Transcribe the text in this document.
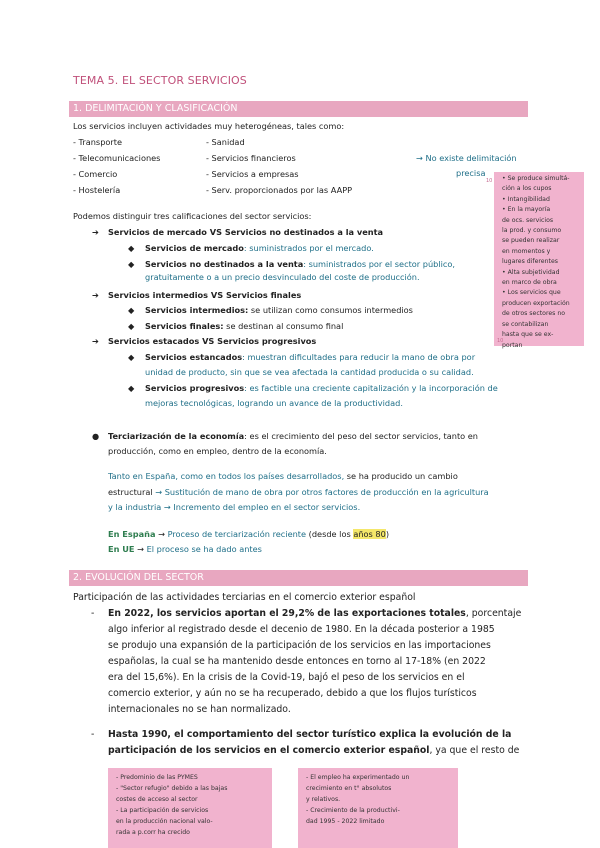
TEMA 5. EL SECTOR SERVICIOS
1. DELIMITACIÓN Y CLASIFICACIÓN
Los servicios incluyen actividades muy heterogéneas, tales como:
- Transporte
- Telecomunicaciones
- Comercio
- Hostelería
- Sanidad
- Servicios financieros
- Servicios a empresas
- Serv. proporcionados por las AAPP
→ No existe delimitación
precisa
Podemos distinguir tres calificaciones del sector servicios:
➔ Servicios de mercado VS Servicios no destinados a la venta
◆ Servicios de mercado: suministrados por el mercado.
◆ Servicios no destinados a la venta: suministrados por el sector público,
gratuitamente o a un precio desvinculado del coste de producción.
➔ Servicios intermedios VS Servicios finales
◆ Servicios intermedios: se utilizan como consumos intermedios
◆ Servicios finales: se destinan al consumo final
➔ Servicios estacados VS Servicios progresivos
◆ Servicios estancados: muestran dificultades para reducir la mano de obra por
unidad de producto, sin que se vea afectada la cantidad producida o su calidad.
◆ Servicios progresivos: es factible una creciente capitalización y la incorporación de
mejoras tecnológicas, logrando un avance de la productividad.
● Terciarización de la economía: es el crecimiento del peso del sector servicios, tanto en
producción, como en empleo, dentro de la economía.
Tanto en España, como en todos los países desarrollados, se ha producido un cambio
estructural → Sustitución de mano de obra por otros factores de producción en la agricultura
y la industria → Incremento del empleo en el sector servicios.
En España → Proceso de terciarización reciente (desde los años 80)
En UE → El proceso se ha dado antes
2. EVOLUCIÓN DEL SECTOR
Participación de las actividades terciarias en el comercio exterior español
- En 2022, los servicios aportan el 29,2% de las exportaciones totales, porcentaje
algo inferior al registrado desde el decenio de 1980. En la década posterior a 1985
se produjo una expansión de la participación de los servicios en las importaciones
españolas, la cual se ha mantenido desde entonces en torno al 17-18% (en 2022
era del 15,6%). En la crisis de la Covid-19, bajó el peso de los servicios en el
comercio exterior, y aún no se ha recuperado, debido a que los flujos turísticos
internacionales no se han normalizado.
- Hasta 1990, el comportamiento del sector turístico explica la evolución de la
participación de los servicios en el comercio exterior español, ya que el resto de
• Se produce simultá-
ción a los cupos
• Intangibilidad
• En la mayoría
de ocs. servicios
la prod. y consumo
se pueden realizar
en momentos y
lugares diferentes
• Alta subjetividad
en marco de obra
• Los servicios que
producen exportación
de otros sectores no
se contabilizan
hasta que se ex-
portan
10
10
- Predominio de las PYMES
- "Sector refugio" debido a las bajas
costes de acceso al sector
- La participación de servicios
en la producción nacional valo-
rada a p.corr ha crecido
- El empleo ha experimentado un
crecimiento en t° absolutos
y relativos.
- Crecimiento de la productivi-
dad 1995 - 2022 limitado
